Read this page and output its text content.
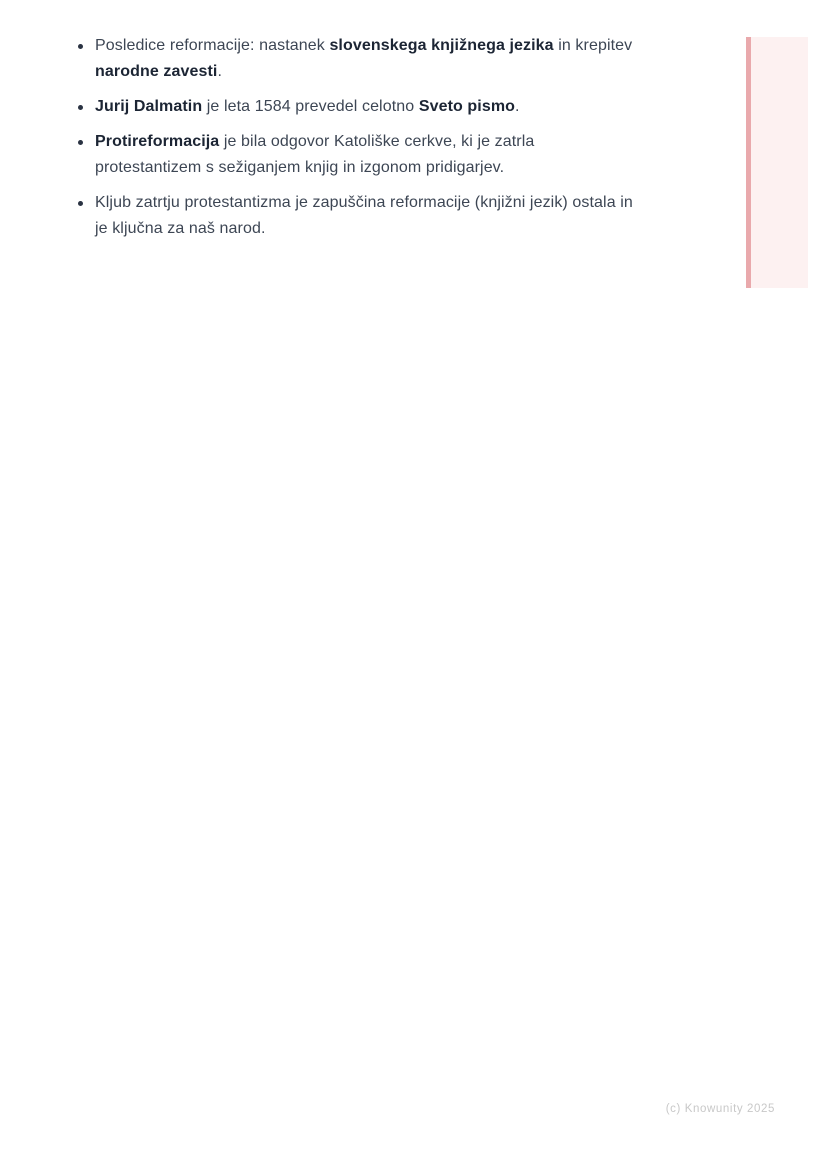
Posledice reformacije: nastanek slovenskega knjižnega jezika in krepitev narodne zavesti.
Jurij Dalmatin je leta 1584 prevedel celotno Sveto pismo.
Protireformacija je bila odgovor Katoliške cerkve, ki je zatrla protestantizem s sežiganjem knjig in izgonom pridigarjev.
Kljub zatrtju protestantizma je zapuščina reformacije (knjižni jezik) ostala in je ključna za naš narod.
(c) Knowunity 2025
